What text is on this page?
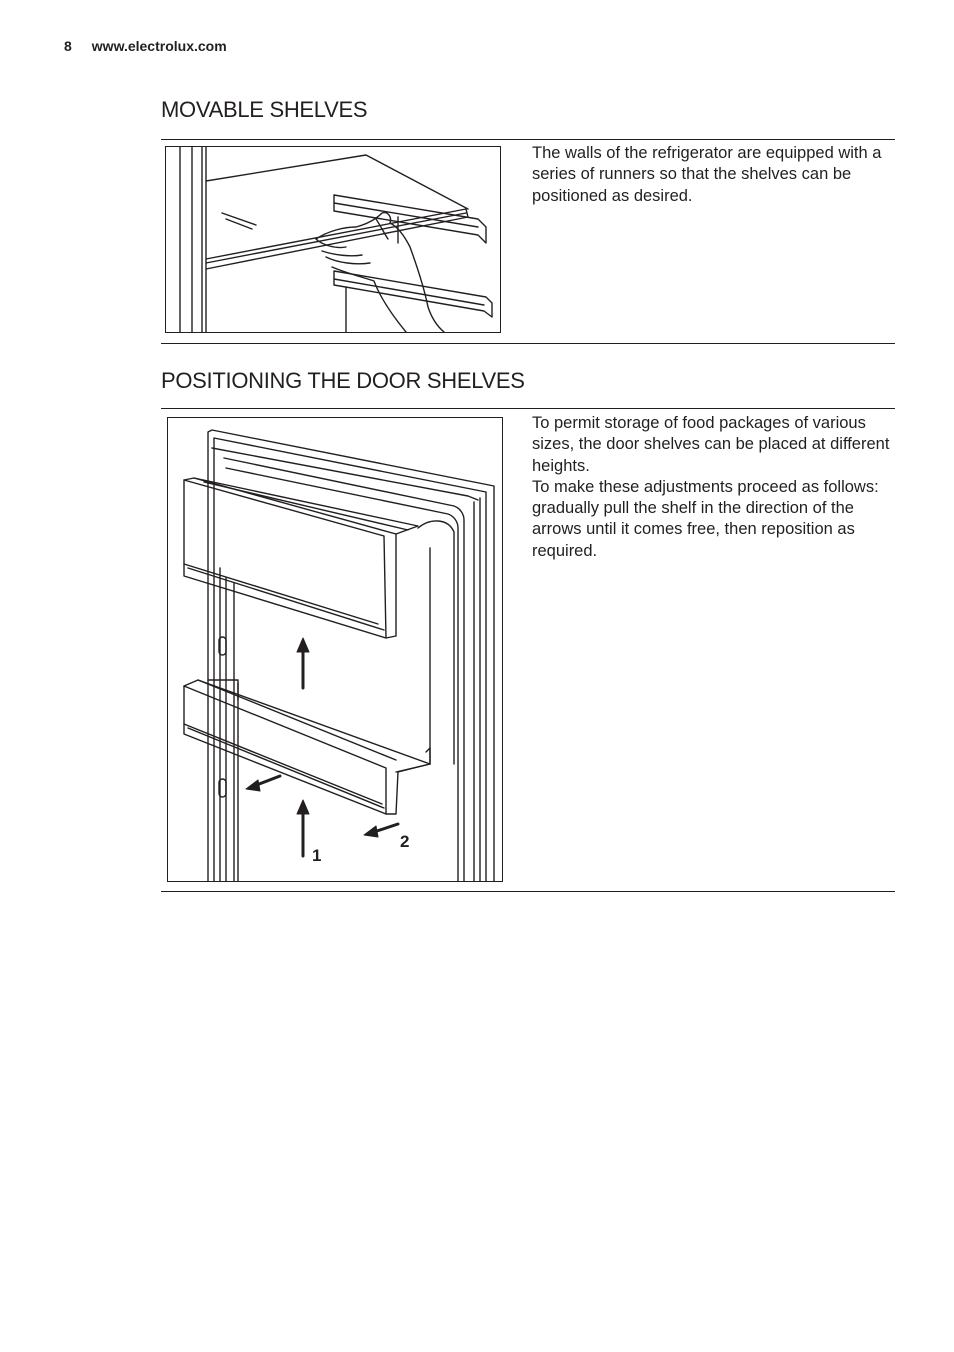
8 www.electrolux.com
MOVABLE SHELVES

The walls of the refrigerator are equipped with a series of runners so that the shelves can be positioned as desired.

POSITIONING THE DOOR SHELVES
1
2

To permit storage of food packages of various sizes, the door shelves can be placed at different heights.

To make these adjustments proceed as follows:

gradually pull the shelf in the direction of the arrows until it comes free, then reposition as required.
